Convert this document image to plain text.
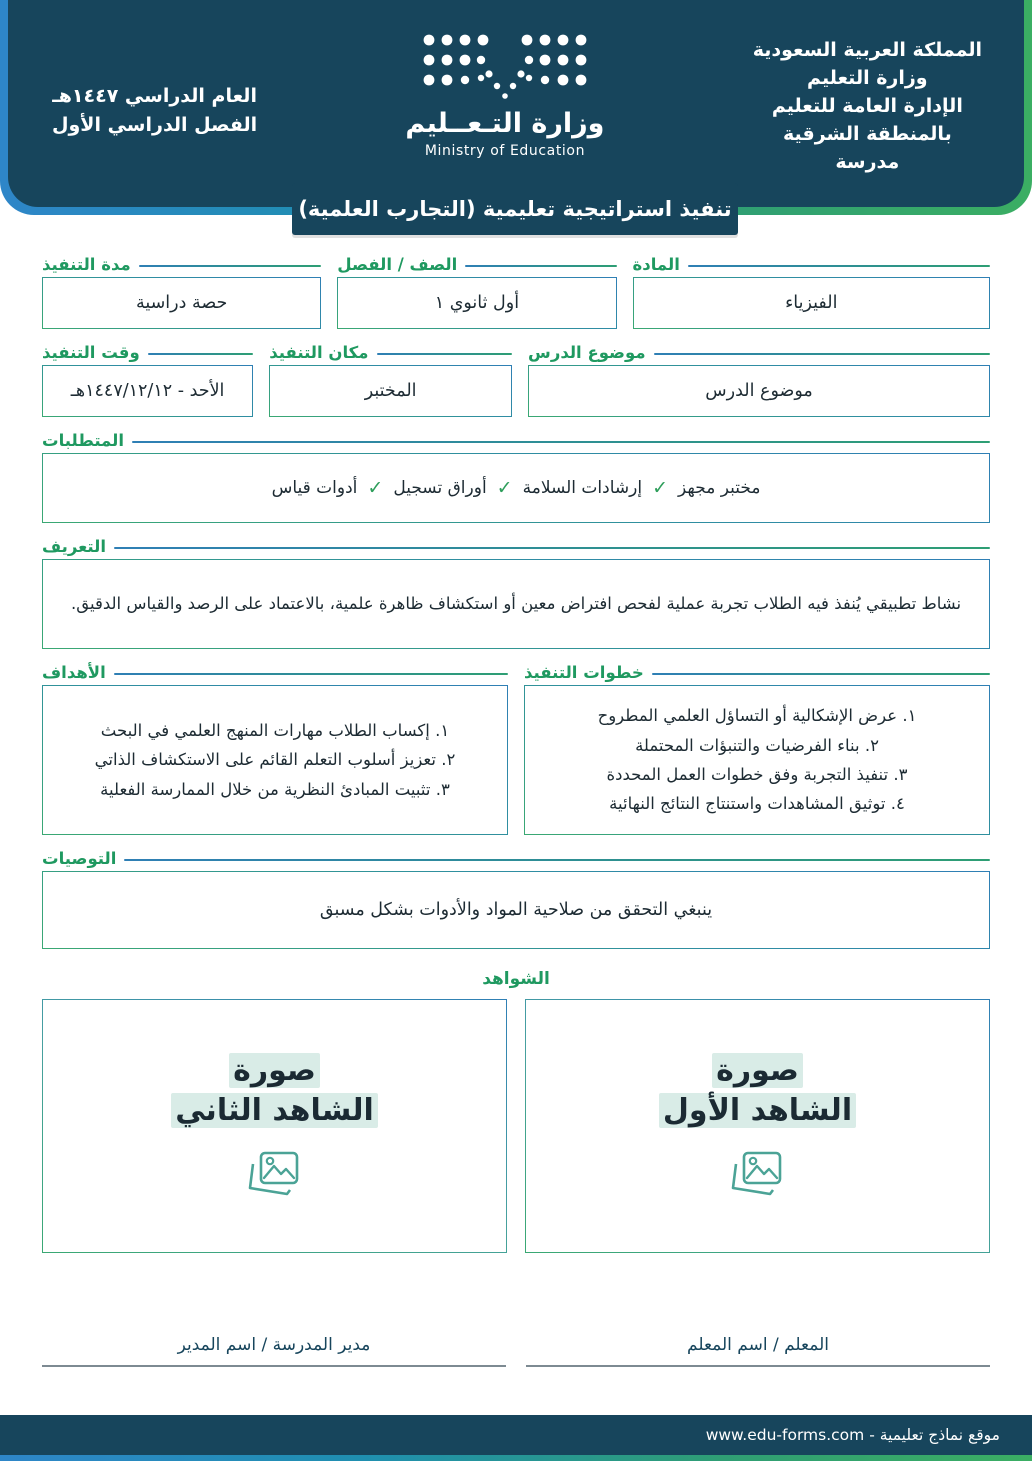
المملكة العربية السعودية
وزارة التعليم
الإدارة العامة للتعليم
بالمنطقة الشرقية
مدرسة
وزارة التـعــليم
Ministry of Education
العام الدراسي ١٤٤٧هـ
الفصل الدراسي الأول
تنفيذ استراتيجية تعليمية (التجارب العلمية)
المادة
الفيزياء
الصف / الفصل
أول ثانوي ١
مدة التنفيذ
حصة دراسية
موضوع الدرس
موضوع الدرس
مكان التنفيذ
المختبر
وقت التنفيذ
الأحد - ١٤٤٧/١٢/١٢هـ
المتطلبات
مختبر مجهز
✓
إرشادات السلامة
✓
أوراق تسجيل
✓
أدوات قياس
التعريف
نشاط تطبيقي يُنفذ فيه الطلاب تجربة عملية لفحص افتراض معين أو استكشاف ظاهرة علمية، بالاعتماد على الرصد والقياس الدقيق.
خطوات التنفيذ
١. عرض الإشكالية أو التساؤل العلمي المطروح
٢. بناء الفرضيات والتنبؤات المحتملة
٣. تنفيذ التجربة وفق خطوات العمل المحددة
٤. توثيق المشاهدات واستنتاج النتائج النهائية
الأهداف
١. إكساب الطلاب مهارات المنهج العلمي في البحث
٢. تعزيز أسلوب التعلم القائم على الاستكشاف الذاتي
٣. تثبيت المبادئ النظرية من خلال الممارسة الفعلية
التوصيات
ينبغي التحقق من صلاحية المواد والأدوات بشكل مسبق
الشواهد
صورة
الشاهد الأول
صورة
الشاهد الثاني
المعلم / اسم المعلم
مدير المدرسة / اسم المدير
موقع نماذج تعليمية - www.edu-forms.com
